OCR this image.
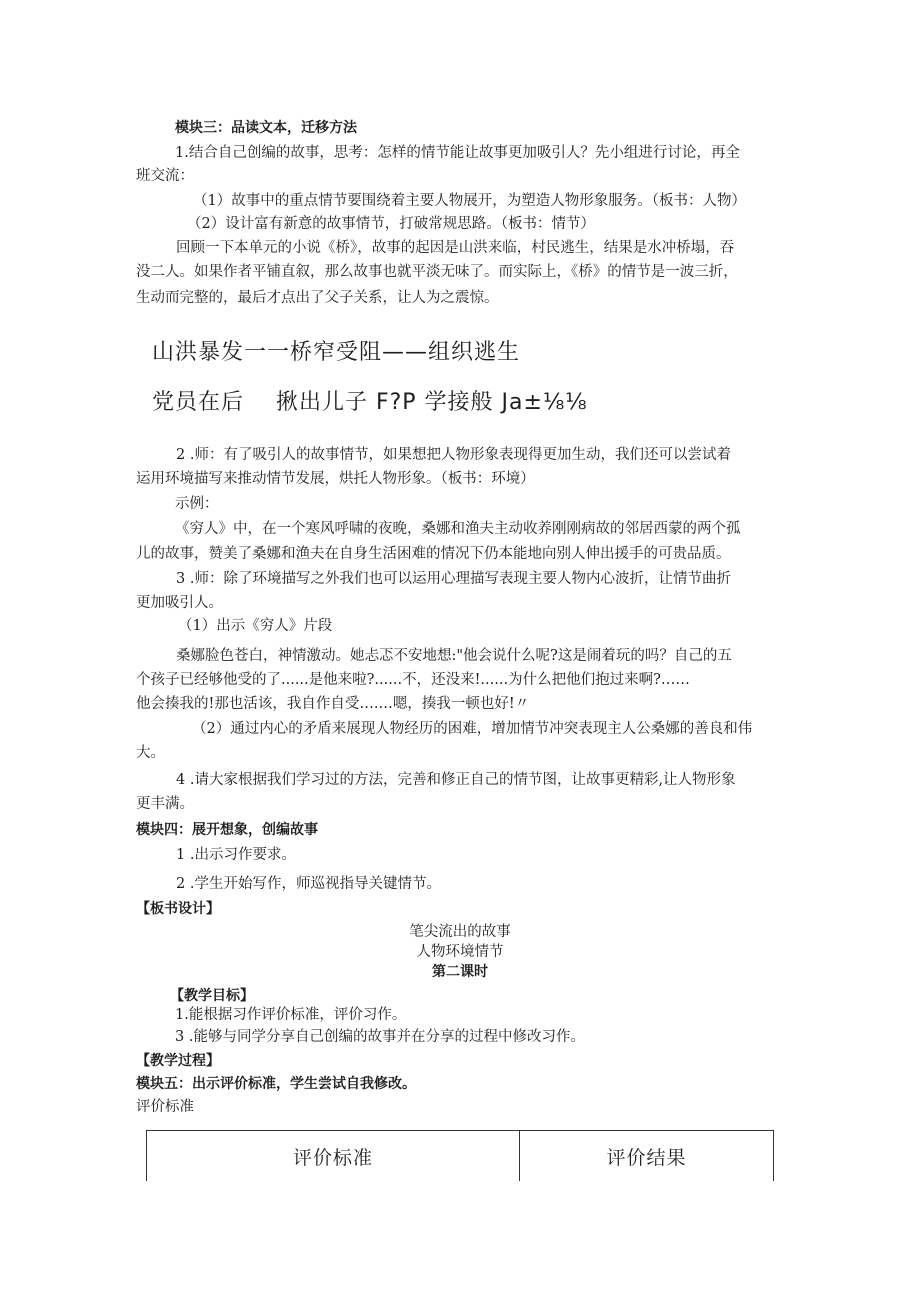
模块三：品读文本，迁移方法
1.结合自己创编的故事，思考：怎样的情节能让故事更加吸引人？先小组进行讨论，再全
班交流：
（1）故事中的重点情节要围绕着主要人物展开，为塑造人物形象服务。（板书：人物）
（2）设计富有新意的故事情节，打破常规思路。（板书：情节）
回顾一下本单元的小说《桥》，故事的起因是山洪来临，村民逃生，结果是水冲桥塌，吞
没二人。如果作者平铺直叙，那么故事也就平淡无味了。而实际上，《桥》的情节是一波三折，
生动而完整的，最后才点出了父子关系，让人为之震惊。
山洪暴发一一桥窄受阻——组织逃生
党员在后    揪出儿子 F?P 学接般 Ja±⅛⅛
2 .师：有了吸引人的故事情节，如果想把人物形象表现得更加生动，我们还可以尝试着
运用环境描写来推动情节发展，烘托人物形象。（板书：环境）
示例：
《穷人》中，在一个寒风呼啸的夜晚，桑娜和渔夫主动收养刚刚病故的邻居西蒙的两个孤
儿的故事，赞美了桑娜和渔夫在自身生活困难的情况下仍本能地向别人伸出援手的可贵品质。
3 .师：除了环境描写之外我们也可以运用心理描写表现主要人物内心波折，让情节曲折
更加吸引人。
（1）出示《穷人》片段
桑娜脸色苍白，神情激动。她忐忑不安地想:"他会说什么呢?这是闹着玩的吗？自己的五
个孩子已经够他受的了......是他来啦?......不，还没来!......为什么把他们抱过来啊?……
他会揍我的!那也活该，我自作自受….…嗯，揍我一顿也好!〃
（2）通过内心的矛盾来展现人物经历的困难，增加情节冲突表现主人公桑娜的善良和伟
大。
4 .请大家根据我们学习过的方法，完善和修正自己的情节图，让故事更精彩,让人物形象
更丰满。
模块四：展开想象，创编故事
1 .出示习作要求。
2 .学生开始写作，师巡视指导关键情节。
【板书设计】
笔尖流出的故事
人物环境情节
第二课时
【教学目标】
1.能根据习作评价标准，评价习作。
3 .能够与同学分享自己创编的故事并在分享的过程中修改习作。
【教学过程】
模块五：出示评价标准，学生尝试自我修改。
评价标准
评价标准	评价结果
